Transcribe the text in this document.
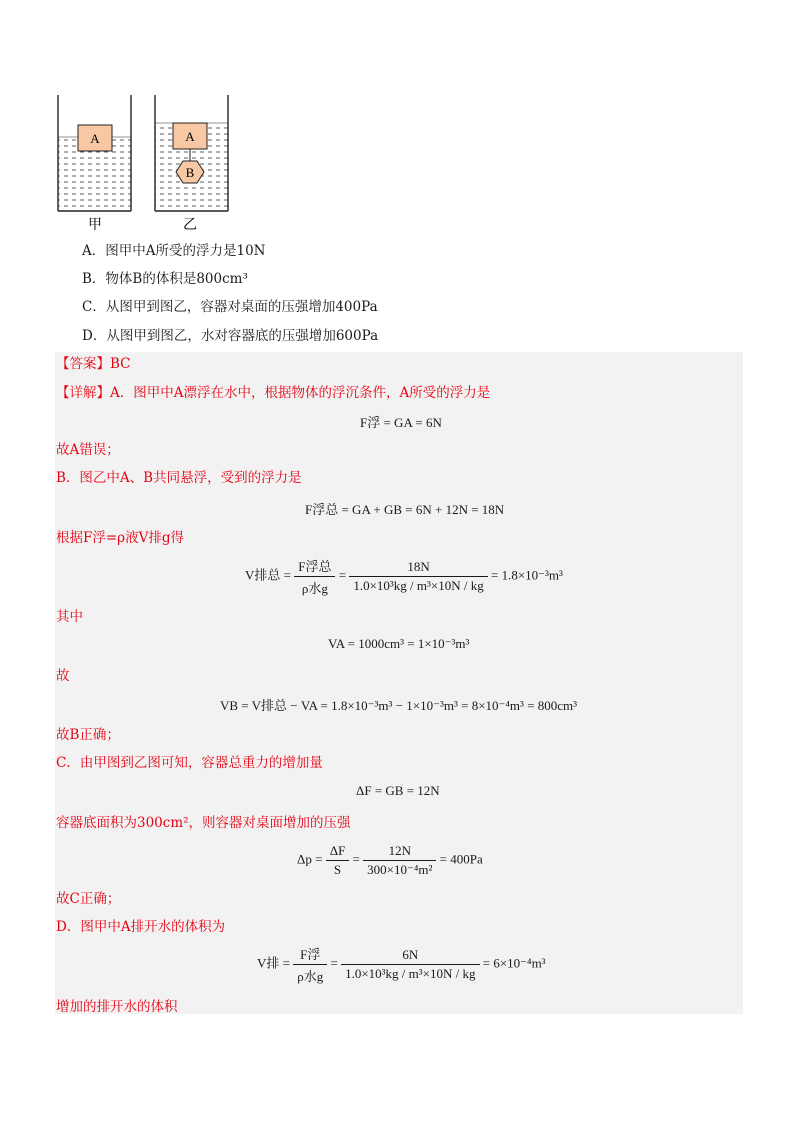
A	A
B
甲	乙
A．图甲中A所受的浮力是10N
B．物体B的体积是800cm³
C．从图甲到图乙，容器对桌面的压强增加400Pa
D．从图甲到图乙，水对容器底的压强增加600Pa
【答案】BC
【详解】A．图甲中A漂浮在水中，根据物体的浮沉条件，A所受的浮力是
F浮 = GA = 6N
故A错误；
B．图乙中A、B共同悬浮，受到的浮力是
F浮总 = GA + GB = 6N + 12N = 18N
根据F浮=ρ液V排g得
V排总 = $\frac{\text{F浮总}}{\text{ρ水g}} = \frac{18N}{\text{1.0×10³kg / m³×10N / kg}} = 1.8\times 10^{-3}m^3$
其中
VA = 1000cm³ = 1×10⁻³m³
故
VB = V排总 − VA = 1.8×10⁻³m³ − 1×10⁻³m³ = 8×10⁻⁴m³ = 800cm³
故B正确；
C．由甲图到乙图可知，容器总重力的增加量
ΔF = GB = 12N
容器底面积为300cm²，则容器对桌面增加的压强
$\Delta p = \frac{\Delta F}{S} = \frac{12N}{\text{300×10⁻⁴m²}} = 400Pa$
故C正确；
D．图甲中A排开水的体积为
V排 = $\frac{\text{F浮}}{\text{ρ水g}} = \frac{6N}{\text{1.0×10³kg / m³×10N / kg}} = 6\times 10^{-4}m^3$
增加的排开水的体积
